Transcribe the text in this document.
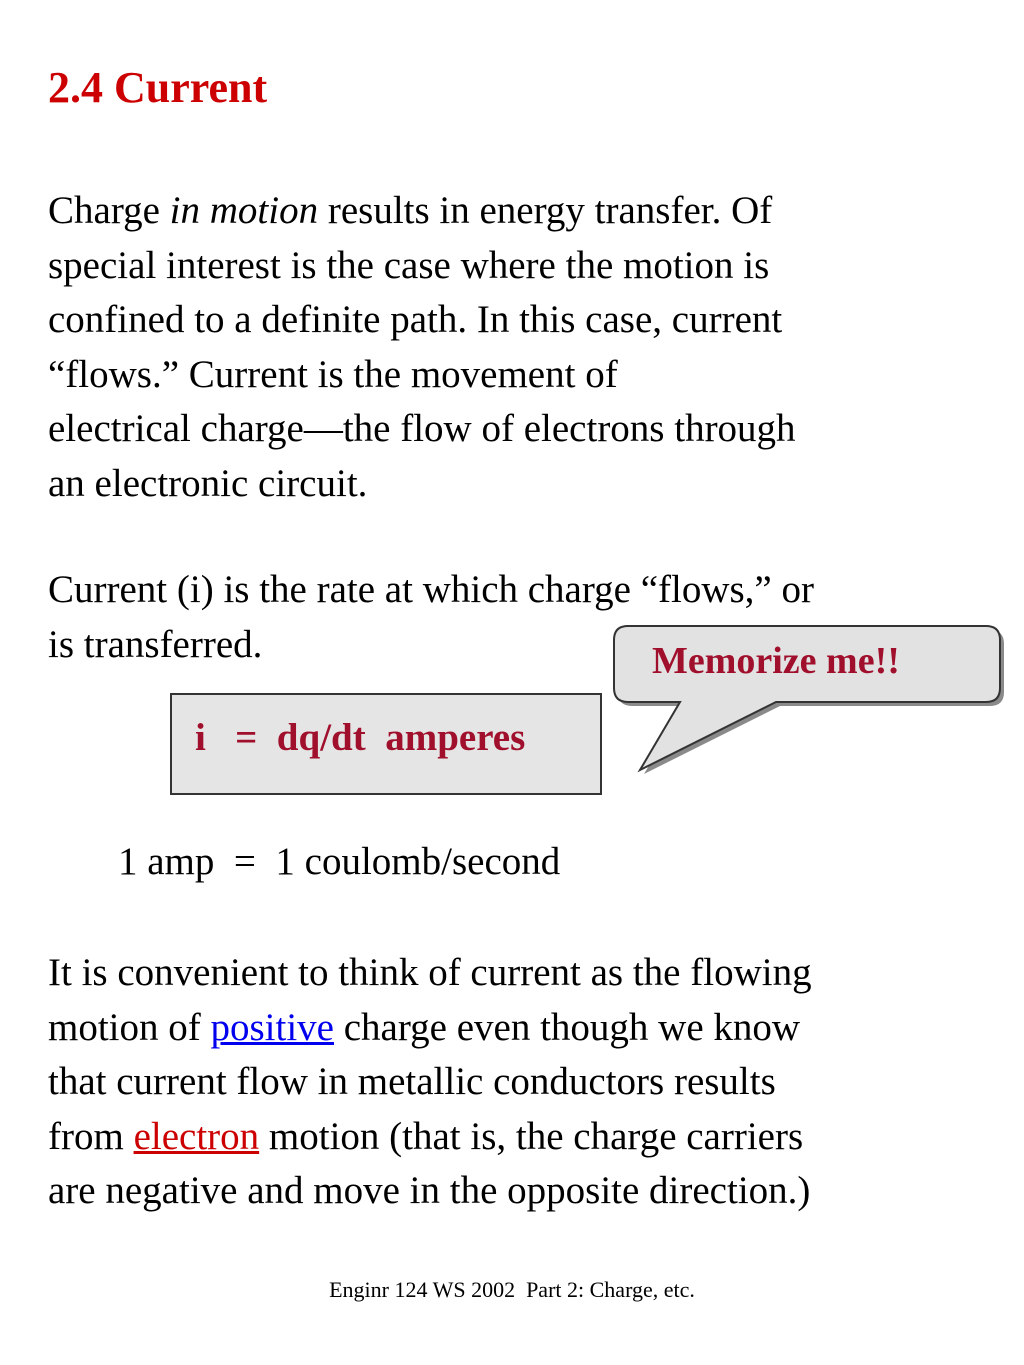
2.4 Current

Charge in motion results in energy transfer. Of
special interest is the case where the motion is
confined to a definite path. In this case, current
“flows.” Current is the movement of
electrical charge—the flow of electrons through
an electronic circuit.

Current (i) is the rate at which charge “flows,” or
is transferred.

i   =  dq/dt  amperes
Memorize me!!
1 amp  =  1 coulomb/second

It is convenient to think of current as the flowing
motion of positive charge even though we know
that current flow in metallic conductors results
from electron motion (that is, the charge carriers
are negative and move in the opposite direction.)

Enginr 124 WS 2002  Part 2: Charge, etc.
